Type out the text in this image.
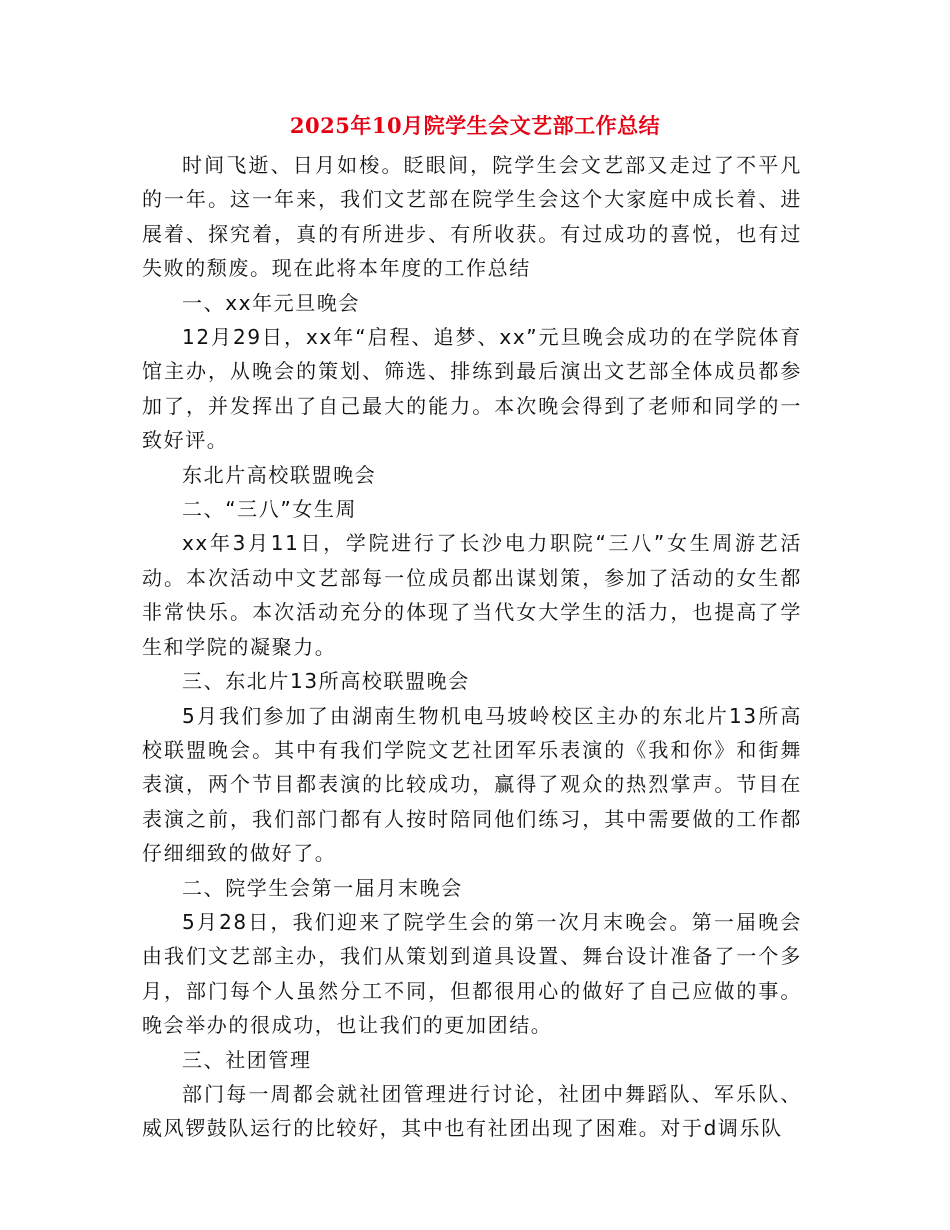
2025年10月院学生会文艺部工作总结

时间飞逝、日月如梭。眨眼间，院学生会文艺部又走过了不平凡的一年。这一年来，我们文艺部在院学生会这个大家庭中成长着、进展着、探究着，真的有所进步、有所收获。有过成功的喜悦，也有过失败的颓废。现在此将本年度的工作总结

一、xx年元旦晚会

12月29日，xx年“启程、追梦、xx”元旦晚会成功的在学院体育馆主办，从晚会的策划、筛选、排练到最后演出文艺部全体成员都参加了，并发挥出了自己最大的能力。本次晚会得到了老师和同学的一致好评。

东北片高校联盟晚会

二、“三八”女生周

xx年3月11日，学院进行了长沙电力职院“三八”女生周游艺活动。本次活动中文艺部每一位成员都出谋划策，参加了活动的女生都非常快乐。本次活动充分的体现了当代女大学生的活力，也提高了学生和学院的凝聚力。

三、东北片13所高校联盟晚会

5月我们参加了由湖南生物机电马坡岭校区主办的东北片13所高校联盟晚会。其中有我们学院文艺社团军乐表演的《我和你》和街舞表演，两个节目都表演的比较成功，赢得了观众的热烈掌声。节目在表演之前，我们部门都有人按时陪同他们练习，其中需要做的工作都仔细细致的做好了。

二、院学生会第一届月末晚会

5月28日，我们迎来了院学生会的第一次月末晚会。第一届晚会由我们文艺部主办，我们从策划到道具设置、舞台设计准备了一个多月，部门每个人虽然分工不同，但都很用心的做好了自己应做的事。晚会举办的很成功，也让我们的更加团结。

三、社团管理

部门每一周都会就社团管理进行讨论，社团中舞蹈队、军乐队、威风锣鼓队运行的比较好，其中也有社团出现了困难。对于d调乐队
